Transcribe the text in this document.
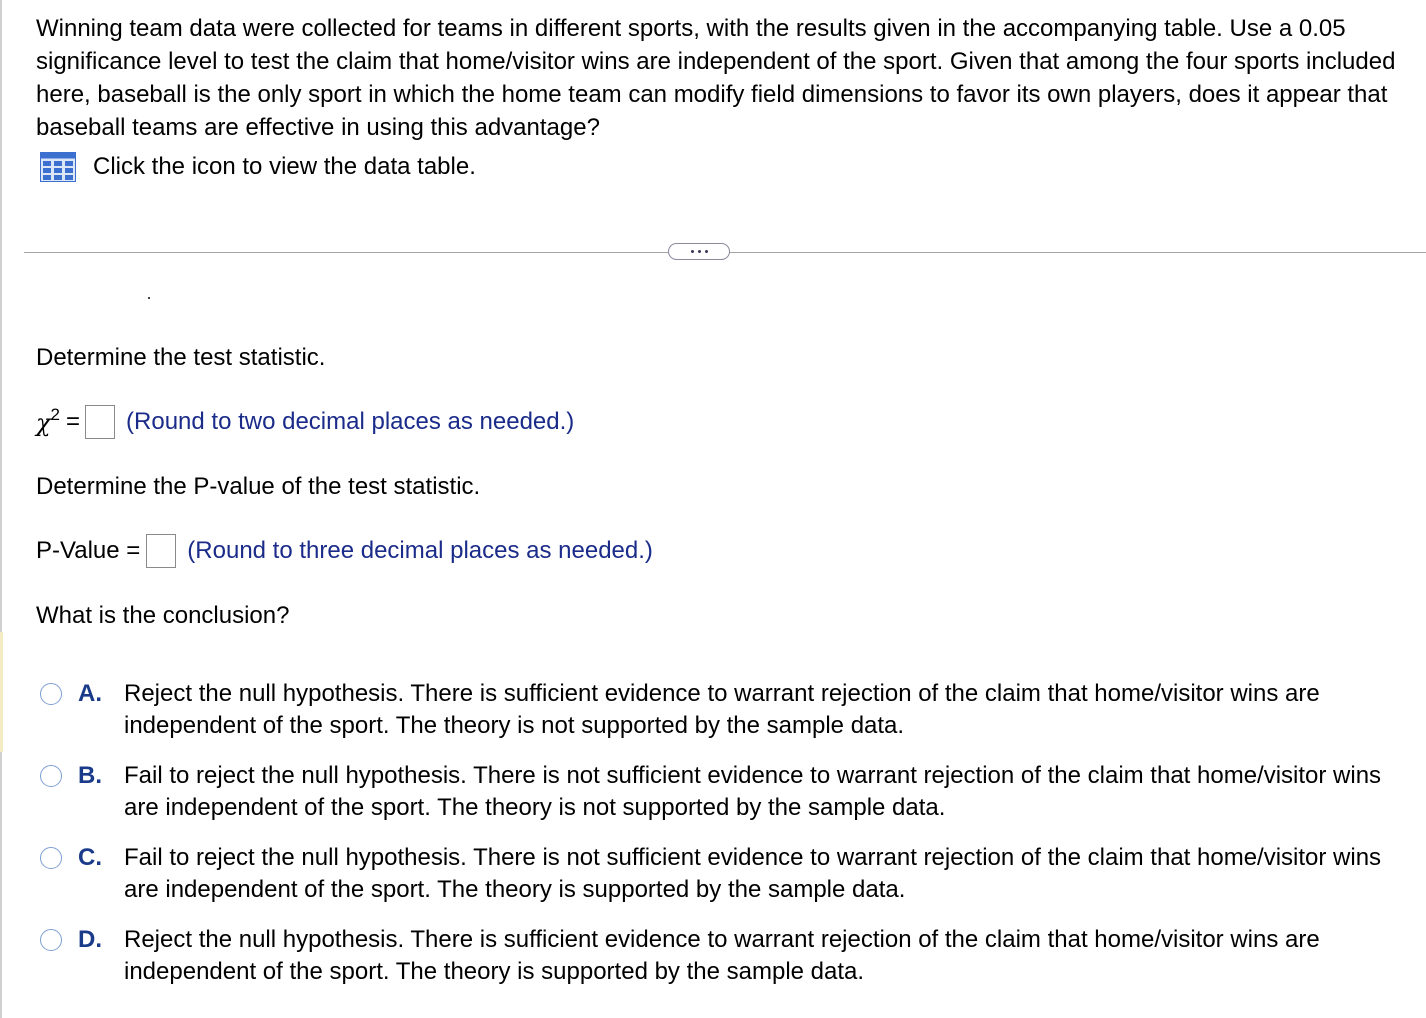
Winning team data were collected for teams in different sports, with the results given in the accompanying table. Use a 0.05 significance level to test the claim that home/visitor wins are independent of the sport. Given that among the four sports included here, baseball is the only sport in which the home team can modify field dimensions to favor its own players, does it appear that baseball teams are effective in using this advantage?

Click the icon to view the data table.
Determine the test statistic.
$\chi^2$ = (Round to two decimal places as needed.)
Determine the P-value of the test statistic.
P-Value = (Round to three decimal places as needed.)
What is the conclusion?
A. Reject the null hypothesis. There is sufficient evidence to warrant rejection of the claim that home/visitor wins are independent of the sport. The theory is not supported by the sample data.
B. Fail to reject the null hypothesis. There is not sufficient evidence to warrant rejection of the claim that home/visitor wins are independent of the sport. The theory is not supported by the sample data.
C. Fail to reject the null hypothesis. There is not sufficient evidence to warrant rejection of the claim that home/visitor wins are independent of the sport. The theory is supported by the sample data.
D. Reject the null hypothesis. There is sufficient evidence to warrant rejection of the claim that home/visitor wins are independent of the sport. The theory is supported by the sample data.
